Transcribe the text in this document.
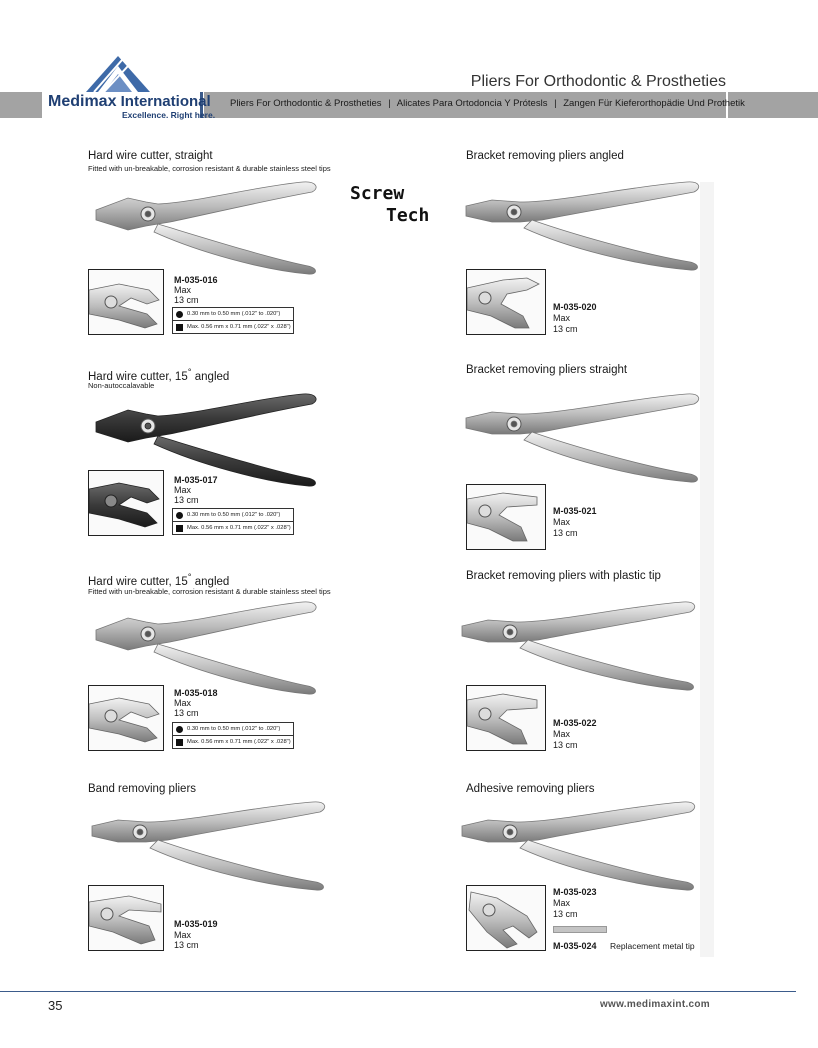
Medimax International
Excellence. Right here.
Pliers For Orthodontic & Prostheties
Pliers For Orthodontic & Prostheties | Alicates Para Ortodoncia Y Prótesls | Zangen Für Kieferorthopädie Und Prothetik
Screw
Tech
Hard wire cutter, straight
Fitted with un-breakable, corrosion resistant & durable stainless steel tips
M-035-016
Max
13 cm
0.30 mm to 0.50 mm (.012" to .020")
Max. 0.56 mm x 0.71 mm (.022" x .028")
Hard wire cutter, 15° angled
Non-autoccalavable
M-035-017
Max
13 cm
0.30 mm to 0.50 mm (.012" to .020")
Max. 0.56 mm x 0.71 mm (.022" x .028")
Hard wire cutter, 15° angled
Fitted with un-breakable, corrosion resistant & durable stainless steel tips
M-035-018
Max
13 cm
0.30 mm to 0.50 mm (.012" to .020")
Max. 0.56 mm x 0.71 mm (.022" x .028")
Band removing pliers
M-035-019
Max
13 cm
Bracket removing pliers angled
M-035-020
Max
13 cm
Bracket removing pliers straight
M-035-021
Max
13 cm
Bracket removing pliers with plastic tip
M-035-022
Max
13 cm
Adhesive removing pliers
M-035-023
Max
13 cm
M-035-024 Replacement metal tip
35	www.medimaxint.com
